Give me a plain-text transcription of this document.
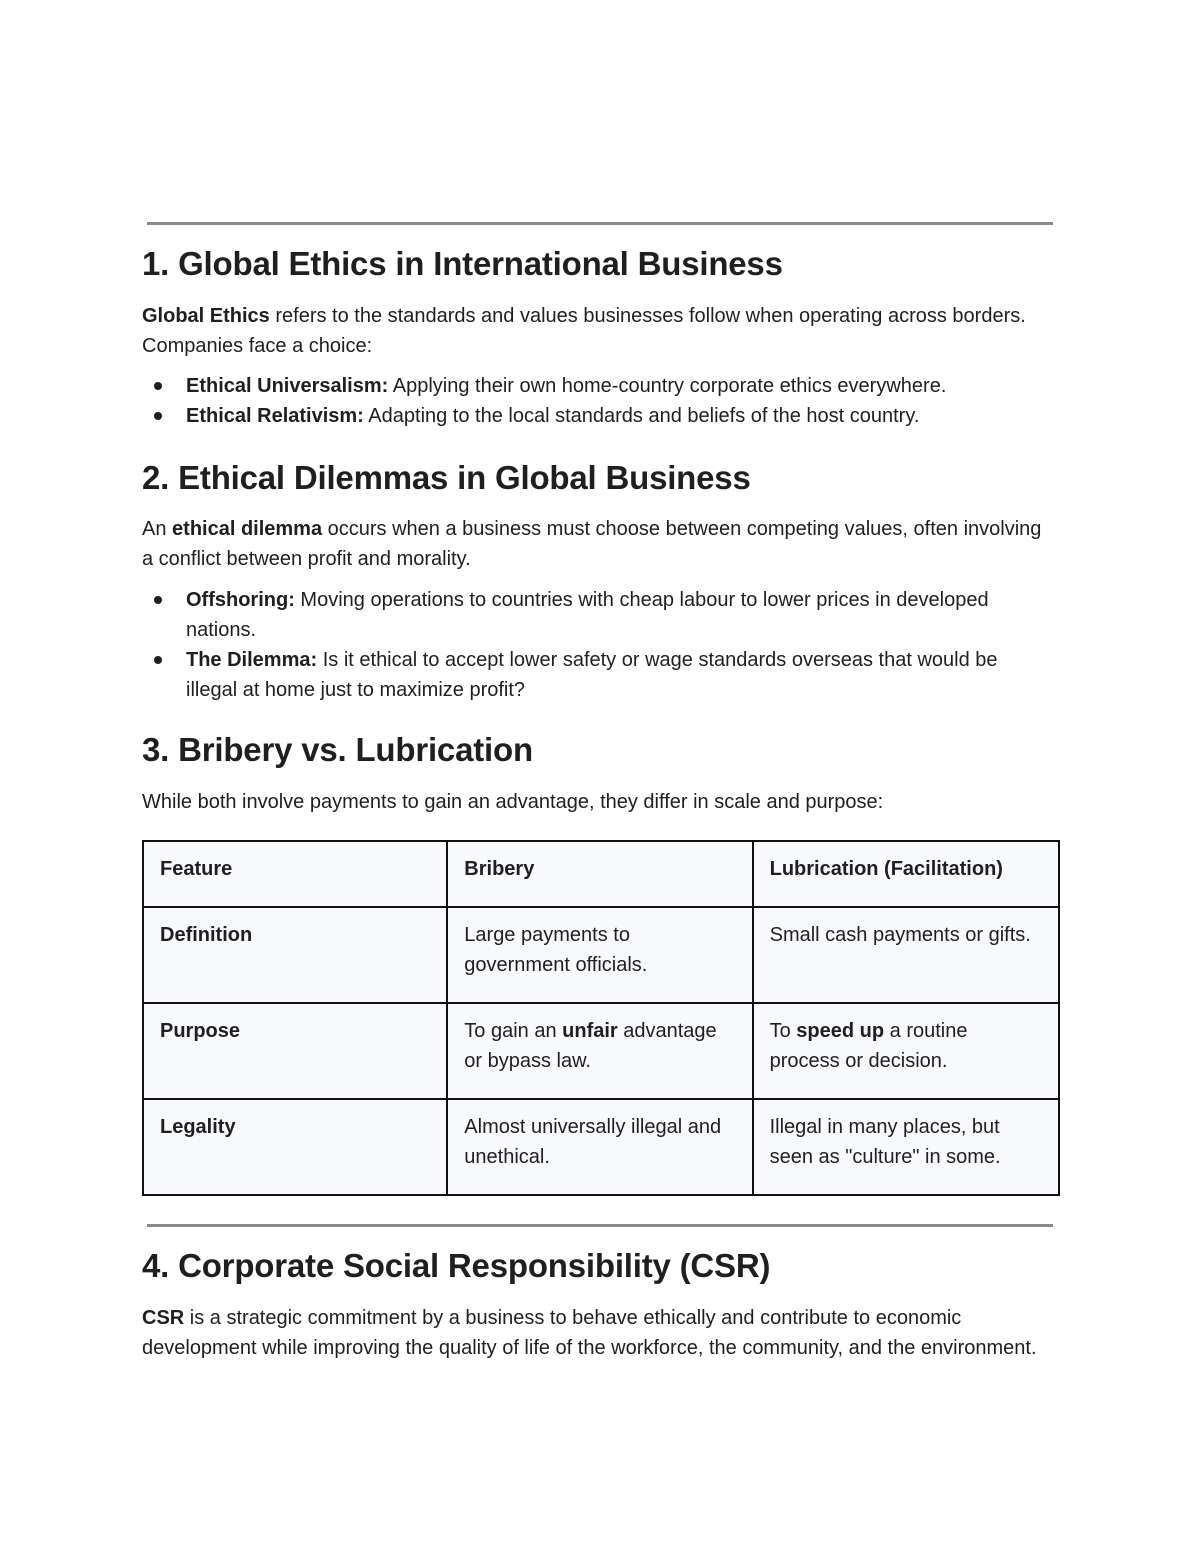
1. Global Ethics in International Business

Global Ethics refers to the standards and values businesses follow when operating across borders. Companies face a choice:

Ethical Universalism: Applying their own home-country corporate ethics everywhere.
Ethical Relativism: Adapting to the local standards and beliefs of the host country.
2. Ethical Dilemmas in Global Business

An ethical dilemma occurs when a business must choose between competing values, often involving a conflict between profit and morality.

Offshoring: Moving operations to countries with cheap labour to lower prices in developed nations.
The Dilemma: Is it ethical to accept lower safety or wage standards overseas that would be illegal at home just to maximize profit?
3. Bribery vs. Lubrication

While both involve payments to gain an advantage, they differ in scale and purpose:

Feature	Bribery	Lubrication (Facilitation)
Definition	Large payments to government officials.	Small cash payments or gifts.
Purpose	To gain an unfair advantage or bypass law.	To speed up a routine process or decision.
Legality	Almost universally illegal and unethical.	Illegal in many places, but seen as "culture" in some.
4. Corporate Social Responsibility (CSR)

CSR is a strategic commitment by a business to behave ethically and contribute to economic development while improving the quality of life of the workforce, the community, and the environment.
